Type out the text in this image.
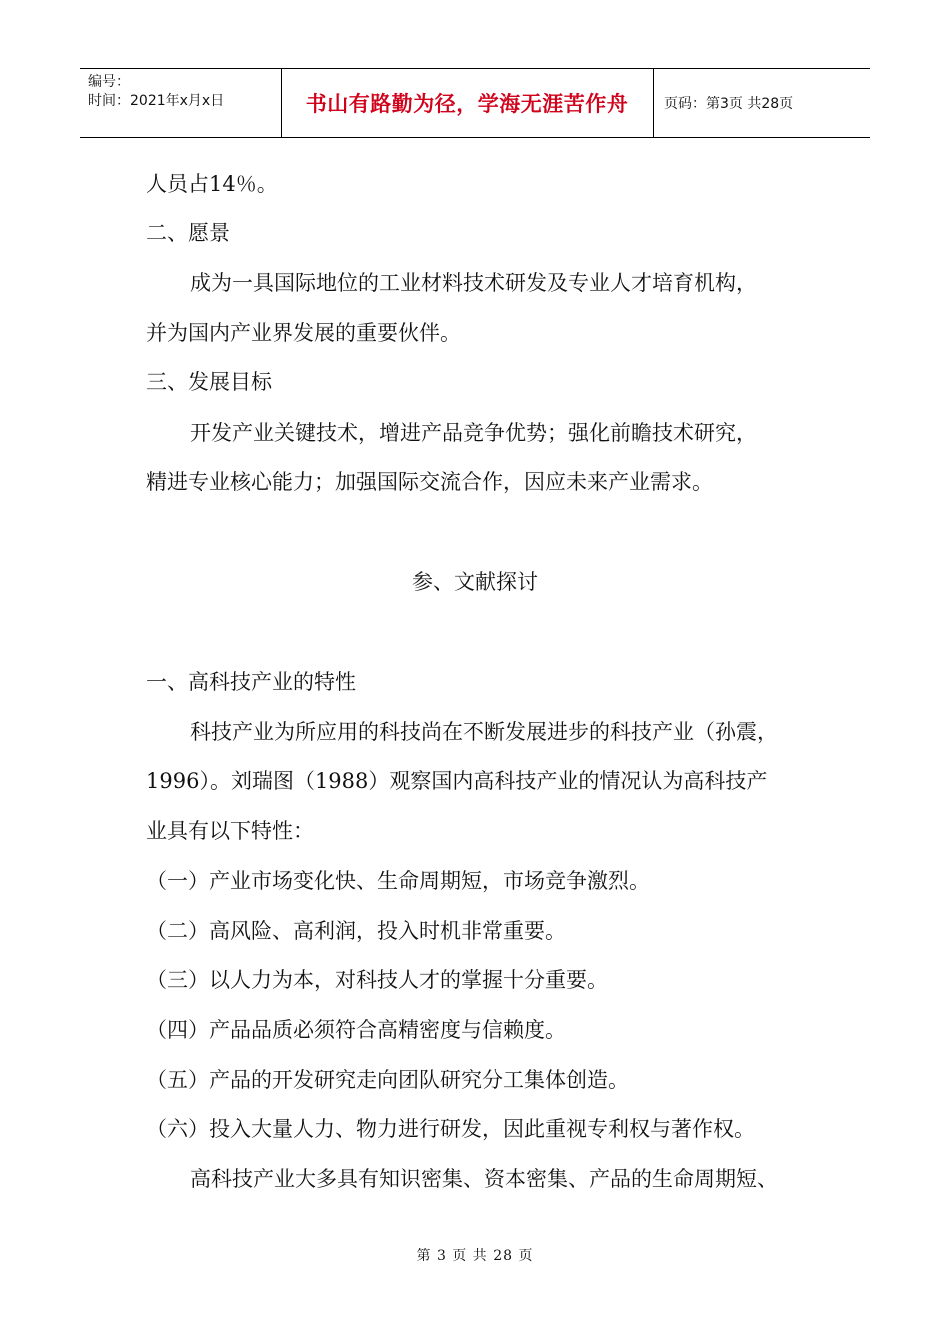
编号：
时间：2021年x月x日	书山有路勤为径，学海无涯苦作舟	页码：第3页 共28页
人员占14％。
二、愿景
成为一具国际地位的工业材料技术研发及专业人才培育机构，
并为国内产业界发展的重要伙伴。
三、发展目标
开发产业关键技术，增进产品竞争优势；强化前瞻技术研究，
精进专业核心能力；加强国际交流合作，因应未来产业需求。
参、文献探讨
一、高科技产业的特性
科技产业为所应用的科技尚在不断发展进步的科技产业（孙震，
1996）。刘瑞图（1988）观察国内高科技产业的情况认为高科技产
业具有以下特性：
（一）产业市场变化快、生命周期短，市场竞争激烈。
（二）高风险、高利润，投入时机非常重要。
（三）以人力为本，对科技人才的掌握十分重要。
（四）产品品质必须符合高精密度与信赖度。
（五）产品的开发研究走向团队研究分工集体创造。
（六）投入大量人力、物力进行研发，因此重视专利权与著作权。
高科技产业大多具有知识密集、资本密集、产品的生命周期短、
第 3 页 共 28 页
